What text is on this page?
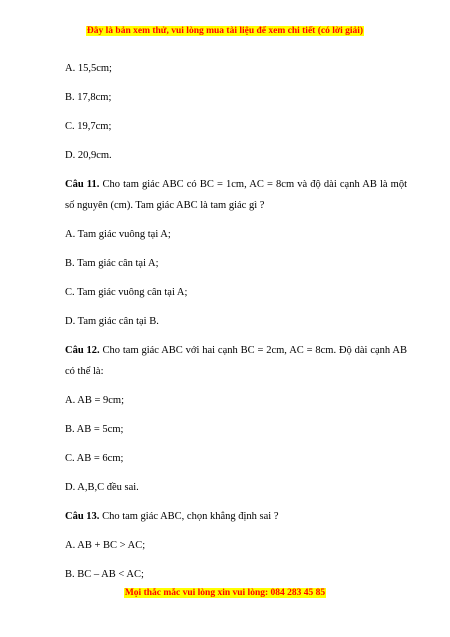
Đây là bản xem thử, vui lòng mua tài liệu để xem chi tiết (có lời giải)

A. 15,5cm;

B. 17,8cm;

C. 19,7cm;

D. 20,9cm.

Câu 11. Cho tam giác ABC có BC = 1cm, AC = 8cm và độ dài cạnh AB là một số nguyên (cm). Tam giác ABC là tam giác gì ?

A. Tam giác vuông tại A;

B. Tam giác cân tại A;

C. Tam giác vuông cân tại A;

D. Tam giác cân tại B.

Câu 12. Cho tam giác ABC với hai cạnh BC = 2cm, AC = 8cm. Độ dài cạnh AB có thể là:

A. AB = 9cm;

B. AB = 5cm;

C. AB = 6cm;

D. A,B,C đều sai.

Câu 13. Cho tam giác ABC, chọn khẳng định sai ?

A. AB + BC > AC;

B. BC – AB < AC;

Mọi thắc mắc vui lòng xin vui lòng: 084 283 45 85
